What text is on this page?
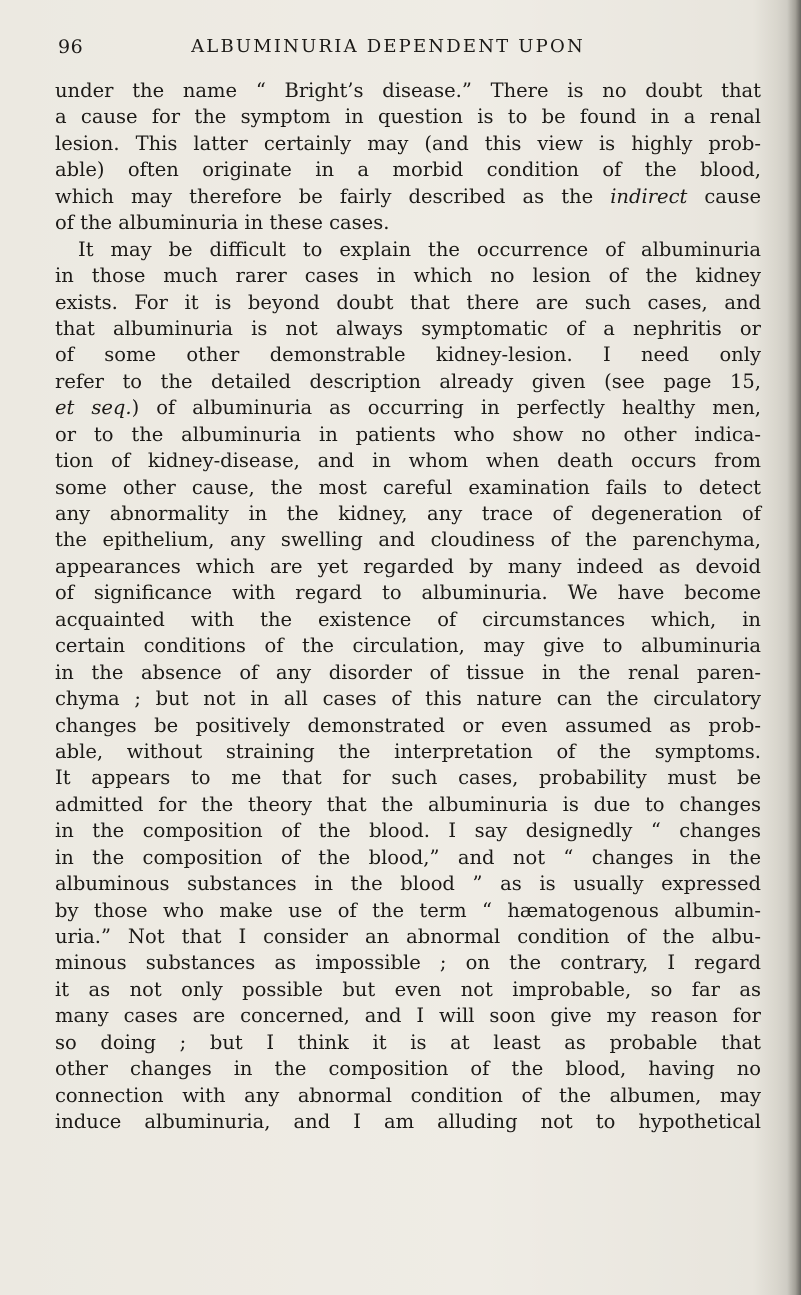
96	ALBUMINURIA DEPENDENT UPON
under the name “ Bright’s disease.” There is no doubt that
a cause for the symptom in question is to be found in a renal
lesion. This latter certainly may (and this view is highly prob-
able) often originate in a morbid condition of the blood,
which may therefore be fairly described as the indirect cause
of the albuminuria in these cases.
It may be difficult to explain the occurrence of albuminuria
in those much rarer cases in which no lesion of the kidney
exists. For it is beyond doubt that there are such cases, and
that albuminuria is not always symptomatic of a nephritis or
of some other demonstrable kidney-lesion. I need only
refer to the detailed description already given (see page 15,
et seq.) of albuminuria as occurring in perfectly healthy men,
or to the albuminuria in patients who show no other indica-
tion of kidney-disease, and in whom when death occurs from
some other cause, the most careful examination fails to detect
any abnormality in the kidney, any trace of degeneration of
the epithelium, any swelling and cloudiness of the parenchyma,
appearances which are yet regarded by many indeed as devoid
of significance with regard to albuminuria. We have become
acquainted with the existence of circumstances which, in
certain conditions of the circulation, may give to albuminuria
in the absence of any disorder of tissue in the renal paren-
chyma ; but not in all cases of this nature can the circulatory
changes be positively demonstrated or even assumed as prob-
able, without straining the interpretation of the symptoms.
It appears to me that for such cases, probability must be
admitted for the theory that the albuminuria is due to changes
in the composition of the blood. I say designedly “ changes
in the composition of the blood,” and not “ changes in the
albuminous substances in the blood ” as is usually expressed
by those who make use of the term “ hæmatogenous albumin-
uria.” Not that I consider an abnormal condition of the albu-
minous substances as impossible ; on the contrary, I regard
it as not only possible but even not improbable, so far as
many cases are concerned, and I will soon give my reason for
so doing ; but I think it is at least as probable that
other changes in the composition of the blood, having no
connection with any abnormal condition of the albumen, may
induce albuminuria, and I am alluding not to hypothetical
